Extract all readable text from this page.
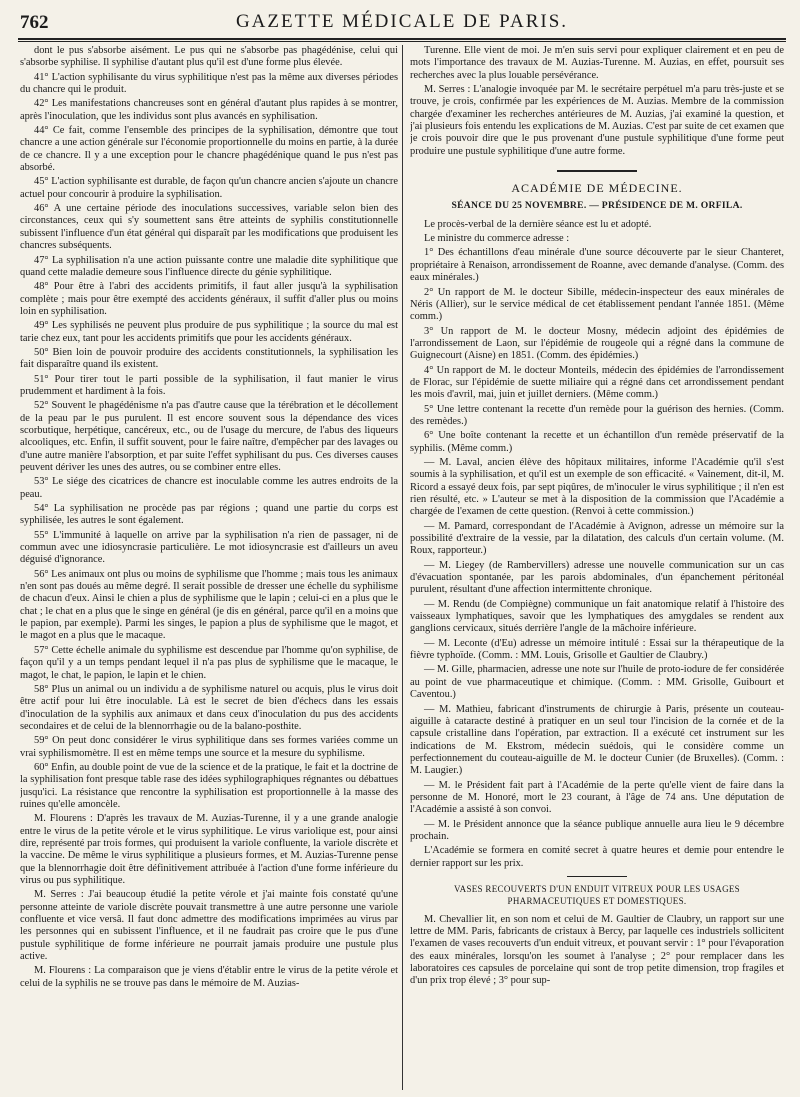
762	GAZETTE MÉDICALE DE PARIS.

dont le pus s'absorbe aisément. Le pus qui ne s'absorbe pas phagédénise, celui qui s'absorbe syphilise. Il syphilise d'autant plus qu'il est d'une forme plus élevée.

41° L'action syphilisante du virus syphilitique n'est pas la même aux diverses périodes du chancre qui le produit.

42° Les manifestations chancreuses sont en général d'autant plus rapides à se montrer, après l'inoculation, que les individus sont plus avancés en syphilisation.

44° Ce fait, comme l'ensemble des principes de la syphilisation, démontre que tout chancre a une action générale sur l'économie proportionnelle du moins en partie, à la durée de ce chancre. Il y a une exception pour le chancre phagédénique quand le pus n'est pas absorbé.

45° L'action syphilisante est durable, de façon qu'un chancre ancien s'ajoute un chancre actuel pour concourir à produire la syphilisation.

46° A une certaine période des inoculations successives, variable selon bien des circonstances, ceux qui s'y soumettent sans être atteints de syphilis constitutionnelle subissent l'influence d'un état général qui disparaît par les modifications que produisent les chancres subséquents.

47° La syphilisation n'a une action puissante contre une maladie dite syphilitique que quand cette maladie demeure sous l'influence directe du génie syphilitique.

48° Pour être à l'abri des accidents primitifs, il faut aller jusqu'à la syphilisation complète ; mais pour être exempté des accidents généraux, il suffit d'aller plus ou moins loin en syphilisation.

49° Les syphilisés ne peuvent plus produire de pus syphilitique ; la source du mal est tarie chez eux, tant pour les accidents primitifs que pour les accidents généraux.

50° Bien loin de pouvoir produire des accidents constitutionnels, la syphilisation les fait disparaître quand ils existent.

51° Pour tirer tout le parti possible de la syphilisation, il faut manier le virus prudemment et hardiment à la fois.

52° Souvent le phagédénisme n'a pas d'autre cause que la térébration et le décollement de la peau par le pus purulent. Il est encore souvent sous la dépendance des vices scorbutique, herpétique, cancéreux, etc., ou de l'usage du mercure, de l'abus des liqueurs alcooliques, etc. Enfin, il suffit souvent, pour le faire naître, d'empêcher par des lavages ou d'une autre manière l'absorption, et par suite l'effet syphilisant du pus. Ces diverses causes peuvent dériver les unes des autres, ou se combiner entre elles.

53° Le siége des cicatrices de chancre est inoculable comme les autres endroits de la peau.

54° La syphilisation ne procède pas par régions ; quand une partie du corps est syphilisée, les autres le sont également.

55° L'immunité à laquelle on arrive par la syphilisation n'a rien de passager, ni de commun avec une idiosyncrasie particulière. Le mot idiosyncrasie est d'ailleurs un aveu déguisé d'ignorance.

56° Les animaux ont plus ou moins de syphilisme que l'homme ; mais tous les animaux n'en sont pas doués au même degré. Il serait possible de dresser une échelle du syphilisme de chacun d'eux. Ainsi le chien a plus de syphilisme que le lapin ; celui-ci en a plus que le chat ; le chat en a plus que le singe en général (je dis en général, parce qu'il en a moins que le papion, par exemple). Parmi les singes, le papion a plus de syphilisme que le magot, et le magot en a plus que le macaque.

57° Cette échelle animale du syphilisme est descendue par l'homme qu'on syphilise, de façon qu'il y a un temps pendant lequel il n'a pas plus de syphilisme que le macaque, le magot, le chat, le papion, le lapin et le chien.

58° Plus un animal ou un individu a de syphilisme naturel ou acquis, plus le virus doit être actif pour lui être inoculable. Là est le secret de bien d'échecs dans les essais d'inoculation de la syphilis aux animaux et dans ceux d'inoculation du pus des accidents secondaires et de celui de la blennorrhagie ou de la balano-posthite.

59° On peut donc considérer le virus syphilitique dans ses formes variées comme un vrai syphilismomètre. Il est en même temps une source et la mesure du syphilisme.

60° Enfin, au double point de vue de la science et de la pratique, le fait et la doctrine de la syphilisation font presque table rase des idées syphilographiques régnantes ou débattues jusqu'ici. La résistance que rencontre la syphilisation est proportionnelle à la masse des ruines qu'elle amoncèle.

M. Flourens : D'après les travaux de M. Auzias-Turenne, il y a une grande analogie entre le virus de la petite vérole et le virus syphilitique. Le virus variolique est, pour ainsi dire, représenté par trois formes, qui produisent la variole confluente, la variole discrète et la vaccine. De même le virus syphilitique a plusieurs formes, et M. Auzias-Turenne pense que la blennorrhagie doit être définitivement attribuée à l'action d'une forme inférieure du virus ou pus syphilitique.

M. Serres : J'ai beaucoup étudié la petite vérole et j'ai mainte fois constaté qu'une personne atteinte de variole discrète pouvait transmettre à une autre personne une variole confluente et vice versâ. Il faut donc admettre des modifications imprimées au virus par les personnes qui en subissent l'influence, et il ne faudrait pas croire que le pus d'une pustule syphilitique de forme inférieure ne pourrait jamais produire une pustule plus active.

M. Flourens : La comparaison que je viens d'établir entre le virus de la petite vérole et celui de la syphilis ne se trouve pas dans le mémoire de M. Auzias-

Turenne. Elle vient de moi. Je m'en suis servi pour expliquer clairement et en peu de mots l'importance des travaux de M. Auzias-Turenne. M. Auzias, en effet, poursuit ses recherches avec la plus louable persévérance.

M. Serres : L'analogie invoquée par M. le secrétaire perpétuel m'a paru très-juste et se trouve, je crois, confirmée par les expériences de M. Auzias. Membre de la commission chargée d'examiner les recherches antérieures de M. Auzias, j'ai examiné la question, et j'ai plusieurs fois entendu les explications de M. Auzias. C'est par suite de cet examen que je crois pouvoir dire que le pus provenant d'une pustule syphilitique d'une forme peut produire une pustule syphilitique d'une autre forme.

ACADÉMIE DE MÉDECINE.

SÉANCE DU 25 NOVEMBRE. — PRÉSIDENCE DE M. ORFILA.

Le procès-verbal de la dernière séance est lu et adopté.

Le ministre du commerce adresse :

1° Des échantillons d'eau minérale d'une source découverte par le sieur Chanteret, propriétaire à Renaison, arrondissement de Roanne, avec demande d'analyse. (Comm. des eaux minérales.)

2° Un rapport de M. le docteur Sibille, médecin-inspecteur des eaux minérales de Néris (Allier), sur le service médical de cet établissement pendant l'année 1851. (Même comm.)

3° Un rapport de M. le docteur Mosny, médecin adjoint des épidémies de l'arrondissement de Laon, sur l'épidémie de rougeole qui a régné dans la commune de Guignecourt (Aisne) en 1851. (Comm. des épidémies.)

4° Un rapport de M. le docteur Monteils, médecin des épidémies de l'arrondissement de Florac, sur l'épidémie de suette miliaire qui a régné dans cet arrondissement pendant les mois d'avril, mai, juin et juillet derniers. (Même comm.)

5° Une lettre contenant la recette d'un remède pour la guérison des hernies. (Comm. des remèdes.)

6° Une boîte contenant la recette et un échantillon d'un remède préservatif de la syphilis. (Même comm.)

— M. Laval, ancien élève des hôpitaux militaires, informe l'Académie qu'il s'est soumis à la syphilisation, et qu'il est un exemple de son efficacité. « Vainement, dit-il, M. Ricord a essayé deux fois, par sept piqûres, de m'inoculer le virus syphilitique ; il n'en est rien résulté, etc. » L'auteur se met à la disposition de la commission que l'Académie a chargée de l'examen de cette question. (Renvoi à cette commission.)

— M. Pamard, correspondant de l'Académie à Avignon, adresse un mémoire sur la possibilité d'extraire de la vessie, par la dilatation, des calculs d'un certain volume. (M. Roux, rapporteur.)

— M. Liegey (de Rambervillers) adresse une nouvelle communication sur un cas d'évacuation spontanée, par les parois abdominales, d'un épanchement péritonéal purulent, résultant d'une affection intermittente chronique.

— M. Rendu (de Compiègne) communique un fait anatomique relatif à l'histoire des vaisseaux lymphatiques, savoir que les lymphatiques des amygdales se rendent aux ganglions cervicaux, situés derrière l'angle de la mâchoire inférieure.

— M. Leconte (d'Eu) adresse un mémoire intitulé : Essai sur la thérapeutique de la fièvre typhoïde. (Comm. : MM. Louis, Grisolle et Gaultier de Claubry.)

— M. Gille, pharmacien, adresse une note sur l'huile de proto-iodure de fer considérée au point de vue pharmaceutique et chimique. (Comm. : MM. Grisolle, Guibourt et Caventou.)

— M. Mathieu, fabricant d'instruments de chirurgie à Paris, présente un couteau-aiguille à cataracte destiné à pratiquer en un seul tour l'incision de la cornée et de la capsule cristalline dans l'opération, par extraction. Il a exécuté cet instrument sur les indications de M. Ekstrom, médecin suédois, qui le considère comme un perfectionnement du couteau-aiguille de M. le docteur Cunier (de Bruxelles). (Comm. : M. Laugier.)

— M. le Président fait part à l'Académie de la perte qu'elle vient de faire dans la personne de M. Honoré, mort le 23 courant, à l'âge de 74 ans. Une députation de l'Académie a assisté à son convoi.

— M. le Président annonce que la séance publique annuelle aura lieu le 9 décembre prochain.

L'Académie se formera en comité secret à quatre heures et demie pour entendre le dernier rapport sur les prix.

VASES RECOUVERTS D'UN ENDUIT VITREUX POUR LES USAGES PHARMACEUTIQUES ET DOMESTIQUES.

M. Chevallier lit, en son nom et celui de M. Gaultier de Claubry, un rapport sur une lettre de MM. Paris, fabricants de cristaux à Bercy, par laquelle ces industriels sollicitent l'examen de vases recouverts d'un enduit vitreux, et pouvant servir : 1° pour l'évaporation des eaux minérales, lorsqu'on les soumet à l'analyse ; 2° pour remplacer dans les laboratoires ces capsules de porcelaine qui sont de trop petite dimension, trop fragiles et d'un prix trop élevé ; 3° pour sup-
